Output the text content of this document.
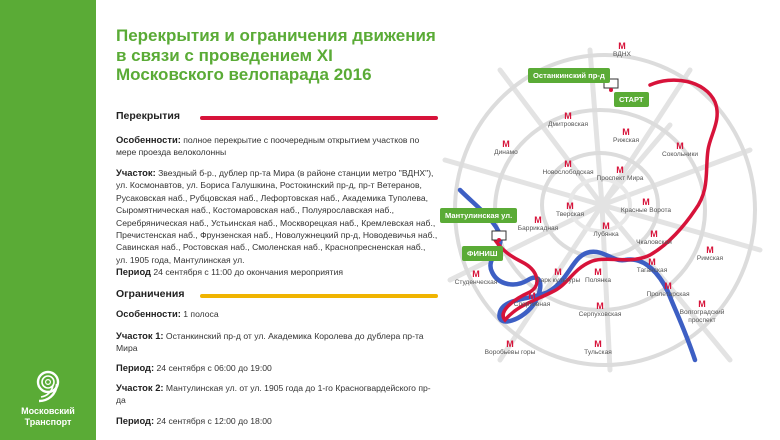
Московский
Транспорт
Перекрытия и ограничения движения в связи с проведением XI Московского велопарада 2016
Перекрытия
Особенности: полное перекрытие с поочередным открытием участков по мере проезда велоколонны
Участок: Звездный б-р., дублер пр-та Мира (в районе станции метро "ВДНХ"), ул. Космонавтов, ул. Бориса Галушкина, Ростокинский пр-д, пр-т Ветеранов, Русаковская наб., Рубцовская наб., Лефортовская наб., Академика Туполева, Сыромятническая наб., Костомаровская наб., Полуярославская наб., Серебряническая наб., Устьинская наб., Москворецкая наб., Кремлевская наб., Пречистенская наб., Фрунзенская наб., Новолужнецкий пр-д, Новодевичья наб., Савинская наб., Ростовская наб., Смоленская наб., Краснопресненская наб., ул. 1905 года, Мантулинская ул.
Период 24 сентября с 11:00 до окончания мероприятия
Ограничения
Особенности: 1 полоса
Участок 1: Останкинский пр-д от ул. Академика Королева до дублера пр-та Мира
Период: 24 сентября с 06:00 до 19:00
Участок 2: Мантулинская ул. от ул. 1905 года до 1-го Красногвардейского пр-да
Период: 24 сентября с 12:00 до 18:00
Останкинский пр-д
СТАРТ
Мантулинская ул.
ФИНИШ
М
ВДНХ
М
Дмитровская
М
Рижская
М
Динамо
М
Сокольники
М
Новослободская	М
Проспект Мира
М
Тверская
М
Красные Ворота
М
Баррикадная	М
Лубянка	М
Чкаловская
М
Римская
М
Таганская
М
Студенческая
М
Парк культуры
М
Полянка
М
Спортивная	М
Серпуховская
М
Пролетарская
М
Волгоградский проспект
М
Воробьевы горы
М
Тульская
